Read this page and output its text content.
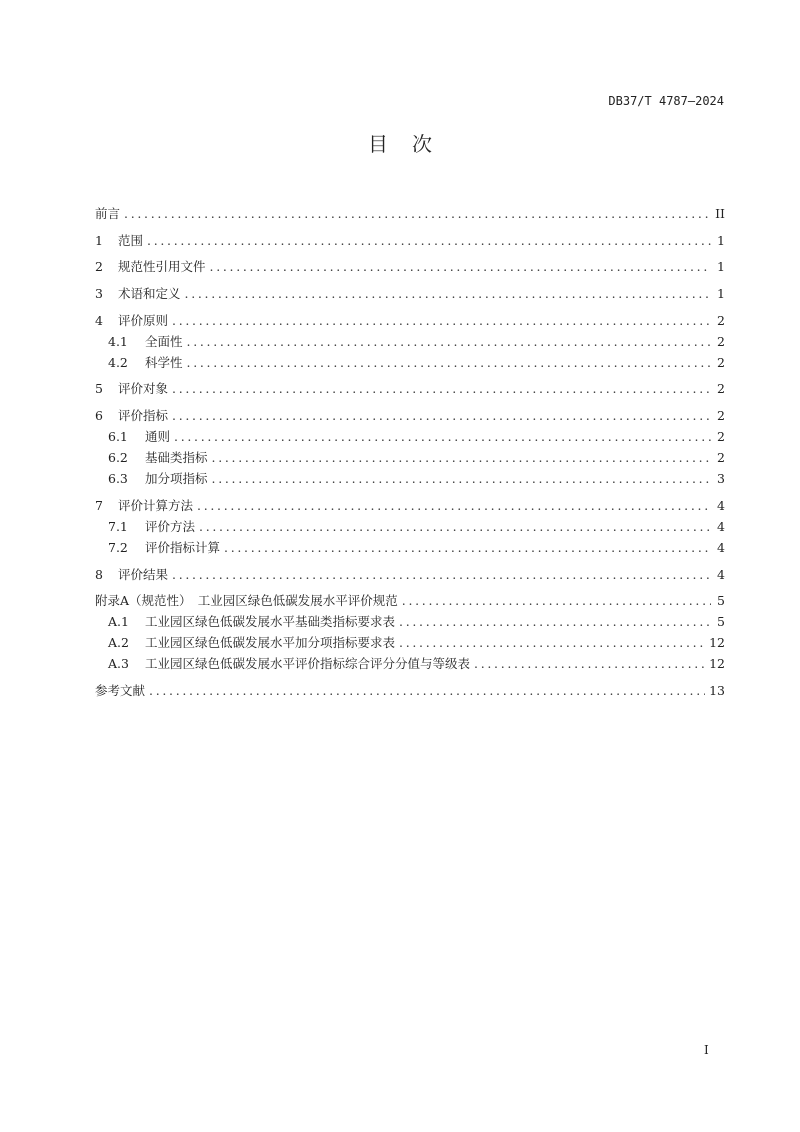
DB37/T 4787—2024
目次
前言 .....	II
1	范围 .....	1
2	规范性引用文件 .....	1
3	术语和定义 .....	1
4	评价原则 .....	2
4.1	全面性 .....	2
4.2	科学性 .....	2
5	评价对象 .....	2
6	评价指标 .....	2
6.1	通则 .....	2
6.2	基础类指标 .....	2
6.3	加分项指标 .....	3
7	评价计算方法 .....	4
7.1	评价方法 .....	4
7.2	评价指标计算 .....	4
8	评价结果 .....	4
附录A（规范性）　工业园区绿色低碳发展水平评价规范 .....	5
A.1	工业园区绿色低碳发展水平基础类指标要求表 .....	5
A.2	工业园区绿色低碳发展水平加分项指标要求表 .....	12
A.3	工业园区绿色低碳发展水平评价指标综合评分分值与等级表 .....	12
参考文献 .....	13
I
